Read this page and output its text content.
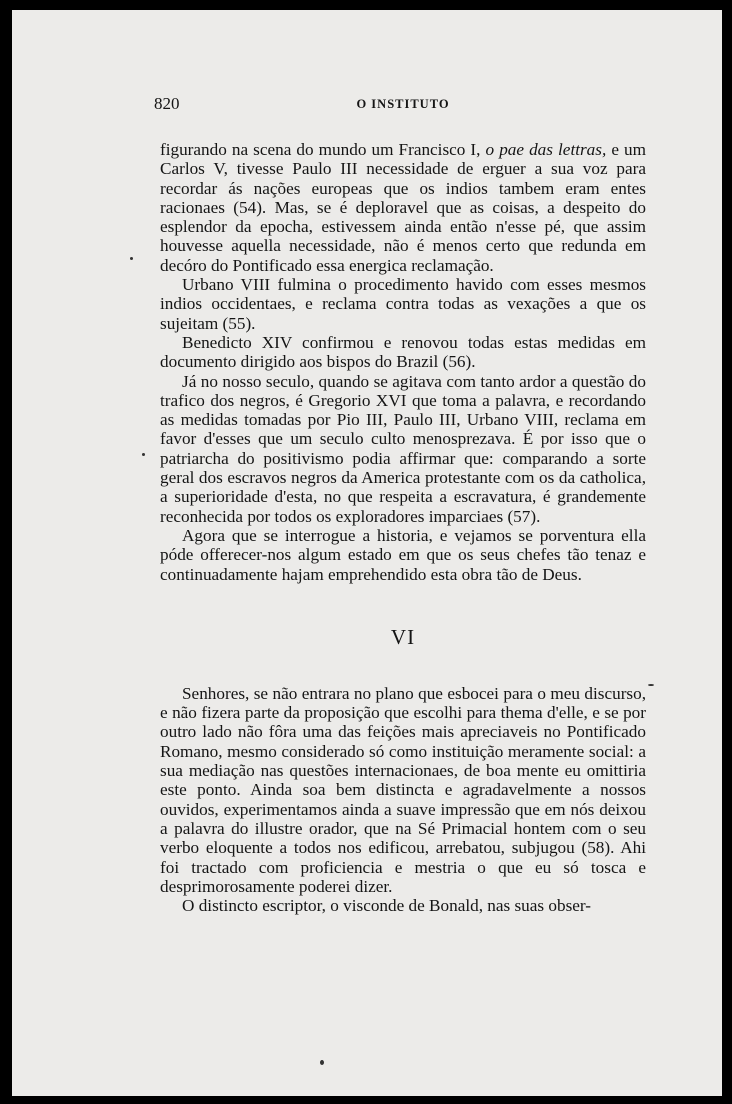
820	O INSTITUTO

figurando na scena do mundo um Francisco I, o pae das lettras, e um Carlos V, tivesse Paulo III necessidade de erguer a sua voz para recordar ás nações europeas que os indios tambem eram entes racionaes (54). Mas, se é deploravel que as coisas, a despeito do esplendor da epocha, estivessem ainda então n'esse pé, que assim houvesse aquella necessidade, não é menos certo que redunda em decóro do Pontificado essa energica reclamação.

Urbano VIII fulmina o procedimento havido com esses mesmos indios occidentaes, e reclama contra todas as vexações a que os sujeitam (55).

Benedicto XIV confirmou e renovou todas estas medidas em documento dirigido aos bispos do Brazil (56).

Já no nosso seculo, quando se agitava com tanto ardor a questão do trafico dos negros, é Gregorio XVI que toma a palavra, e recordando as medidas tomadas por Pio III, Paulo III, Urbano VIII, reclama em favor d'esses que um seculo culto menosprezava. É por isso que o patriarcha do positivismo podia affirmar que: comparando a sorte geral dos escravos negros da America protestante com os da catholica, a superioridade d'esta, no que respeita a escravatura, é grandemente reconhecida por todos os exploradores imparciaes (57).

Agora que se interrogue a historia, e vejamos se porventura ella póde offerecer-nos algum estado em que os seus chefes tão tenaz e continuadamente hajam emprehendido esta obra tão de Deus.

VI

Senhores, se não entrara no plano que esbocei para o meu discurso, e não fizera parte da proposição que escolhi para thema d'elle, e se por outro lado não fôra uma das feições mais apreciaveis no Pontificado Romano, mesmo considerado só como instituição meramente social: a sua mediação nas questões internacionaes, de boa mente eu omittiria este ponto. Ainda soa bem distincta e agradavelmente a nossos ouvidos, experimentamos ainda a suave impressão que em nós deixou a palavra do illustre orador, que na Sé Primacial hontem com o seu verbo eloquente a todos nos edificou, arrebatou, subjugou (58). Ahi foi tractado com proficiencia e mestria o que eu só tosca e desprimorosamente poderei dizer.

O distincto escriptor, o visconde de Bonald, nas suas obser-
